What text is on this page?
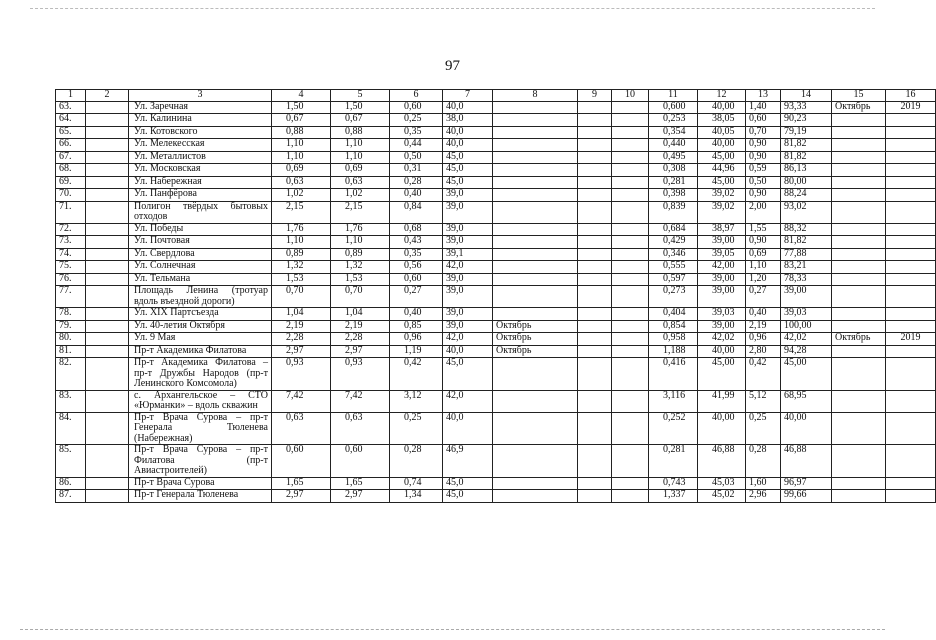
97
1	2	3	4	5	6	7	8	9	10	11	12	13	14	15	16
63.		Ул. Заречная	1,50	1,50	0,60	40,0				0,600	40,00	1,40	93,33	Октябрь	2019
64.		Ул. Калинина	0,67	0,67	0,25	38,0				0,253	38,05	0,60	90,23		
65.		Ул. Котовского	0,88	0,88	0,35	40,0				0,354	40,05	0,70	79,19		
66.		Ул. Мелекесская	1,10	1,10	0,44	40,0				0,440	40,00	0,90	81,82		
67.		Ул. Металлистов	1,10	1,10	0,50	45,0				0,495	45,00	0,90	81,82		
68.		Ул. Московская	0,69	0,69	0,31	45,0				0,308	44,96	0,59	86,13		
69.		Ул. Набережная	0,63	0,63	0,28	45,0				0,281	45,00	0,50	80,00		
70.		Ул. Панфёрова	1,02	1,02	0,40	39,0				0,398	39,02	0,90	88,24		
71.		Полигон твёрдых бытовых отходов	2,15	2,15	0,84	39,0				0,839	39,02	2,00	93,02		
72.		Ул. Победы	1,76	1,76	0,68	39,0				0,684	38,97	1,55	88,32		
73.		Ул. Почтовая	1,10	1,10	0,43	39,0				0,429	39,00	0,90	81,82		
74.		Ул. Свердлова	0,89	0,89	0,35	39,1				0,346	39,05	0,69	77,88		
75.		Ул. Солнечная	1,32	1,32	0,56	42,0				0,555	42,00	1,10	83,21		
76.		Ул. Тельмана	1,53	1,53	0,60	39,0				0,597	39,00	1,20	78,33		
77.		Площадь Ленина (тротуар вдоль въездной дороги)	0,70	0,70	0,27	39,0				0,273	39,00	0,27	39,00		
78.		Ул. XIX Партсъезда	1,04	1,04	0,40	39,0				0,404	39,03	0,40	39,03		
79.		Ул. 40-летия Октября	2,19	2,19	0,85	39,0	Октябрь			0,854	39,00	2,19	100,00		
80.		Ул. 9 Мая	2,28	2,28	0,96	42,0	Октябрь			0,958	42,02	0,96	42,02	Октябрь	2019
81.		Пр-т Академика Филатова	2,97	2,97	1,19	40,0	Октябрь			1,188	40,00	2,80	94,28		
82.		Пр-т Академика Филатова – пр-т Дружбы Народов (пр-т Ленинского Комсомола)	0,93	0,93	0,42	45,0				0,416	45,00	0,42	45,00		
83.		с. Архангельское – СТО «Юрманки» – вдоль скважин	7,42	7,42	3,12	42,0				3,116	41,99	5,12	68,95		
84.		Пр-т Врача Сурова – пр-т Генерала Тюленева (Набережная)	0,63	0,63	0,25	40,0				0,252	40,00	0,25	40,00		
85.		Пр-т Врача Сурова – пр-т Филатова (пр-т Авиастроителей)	0,60	0,60	0,28	46,9				0,281	46,88	0,28	46,88		
86.		Пр-т Врача Сурова	1,65	1,65	0,74	45,0				0,743	45,03	1,60	96,97		
87.		Пр-т Генерала Тюленева	2,97	2,97	1,34	45,0				1,337	45,02	2,96	99,66		
